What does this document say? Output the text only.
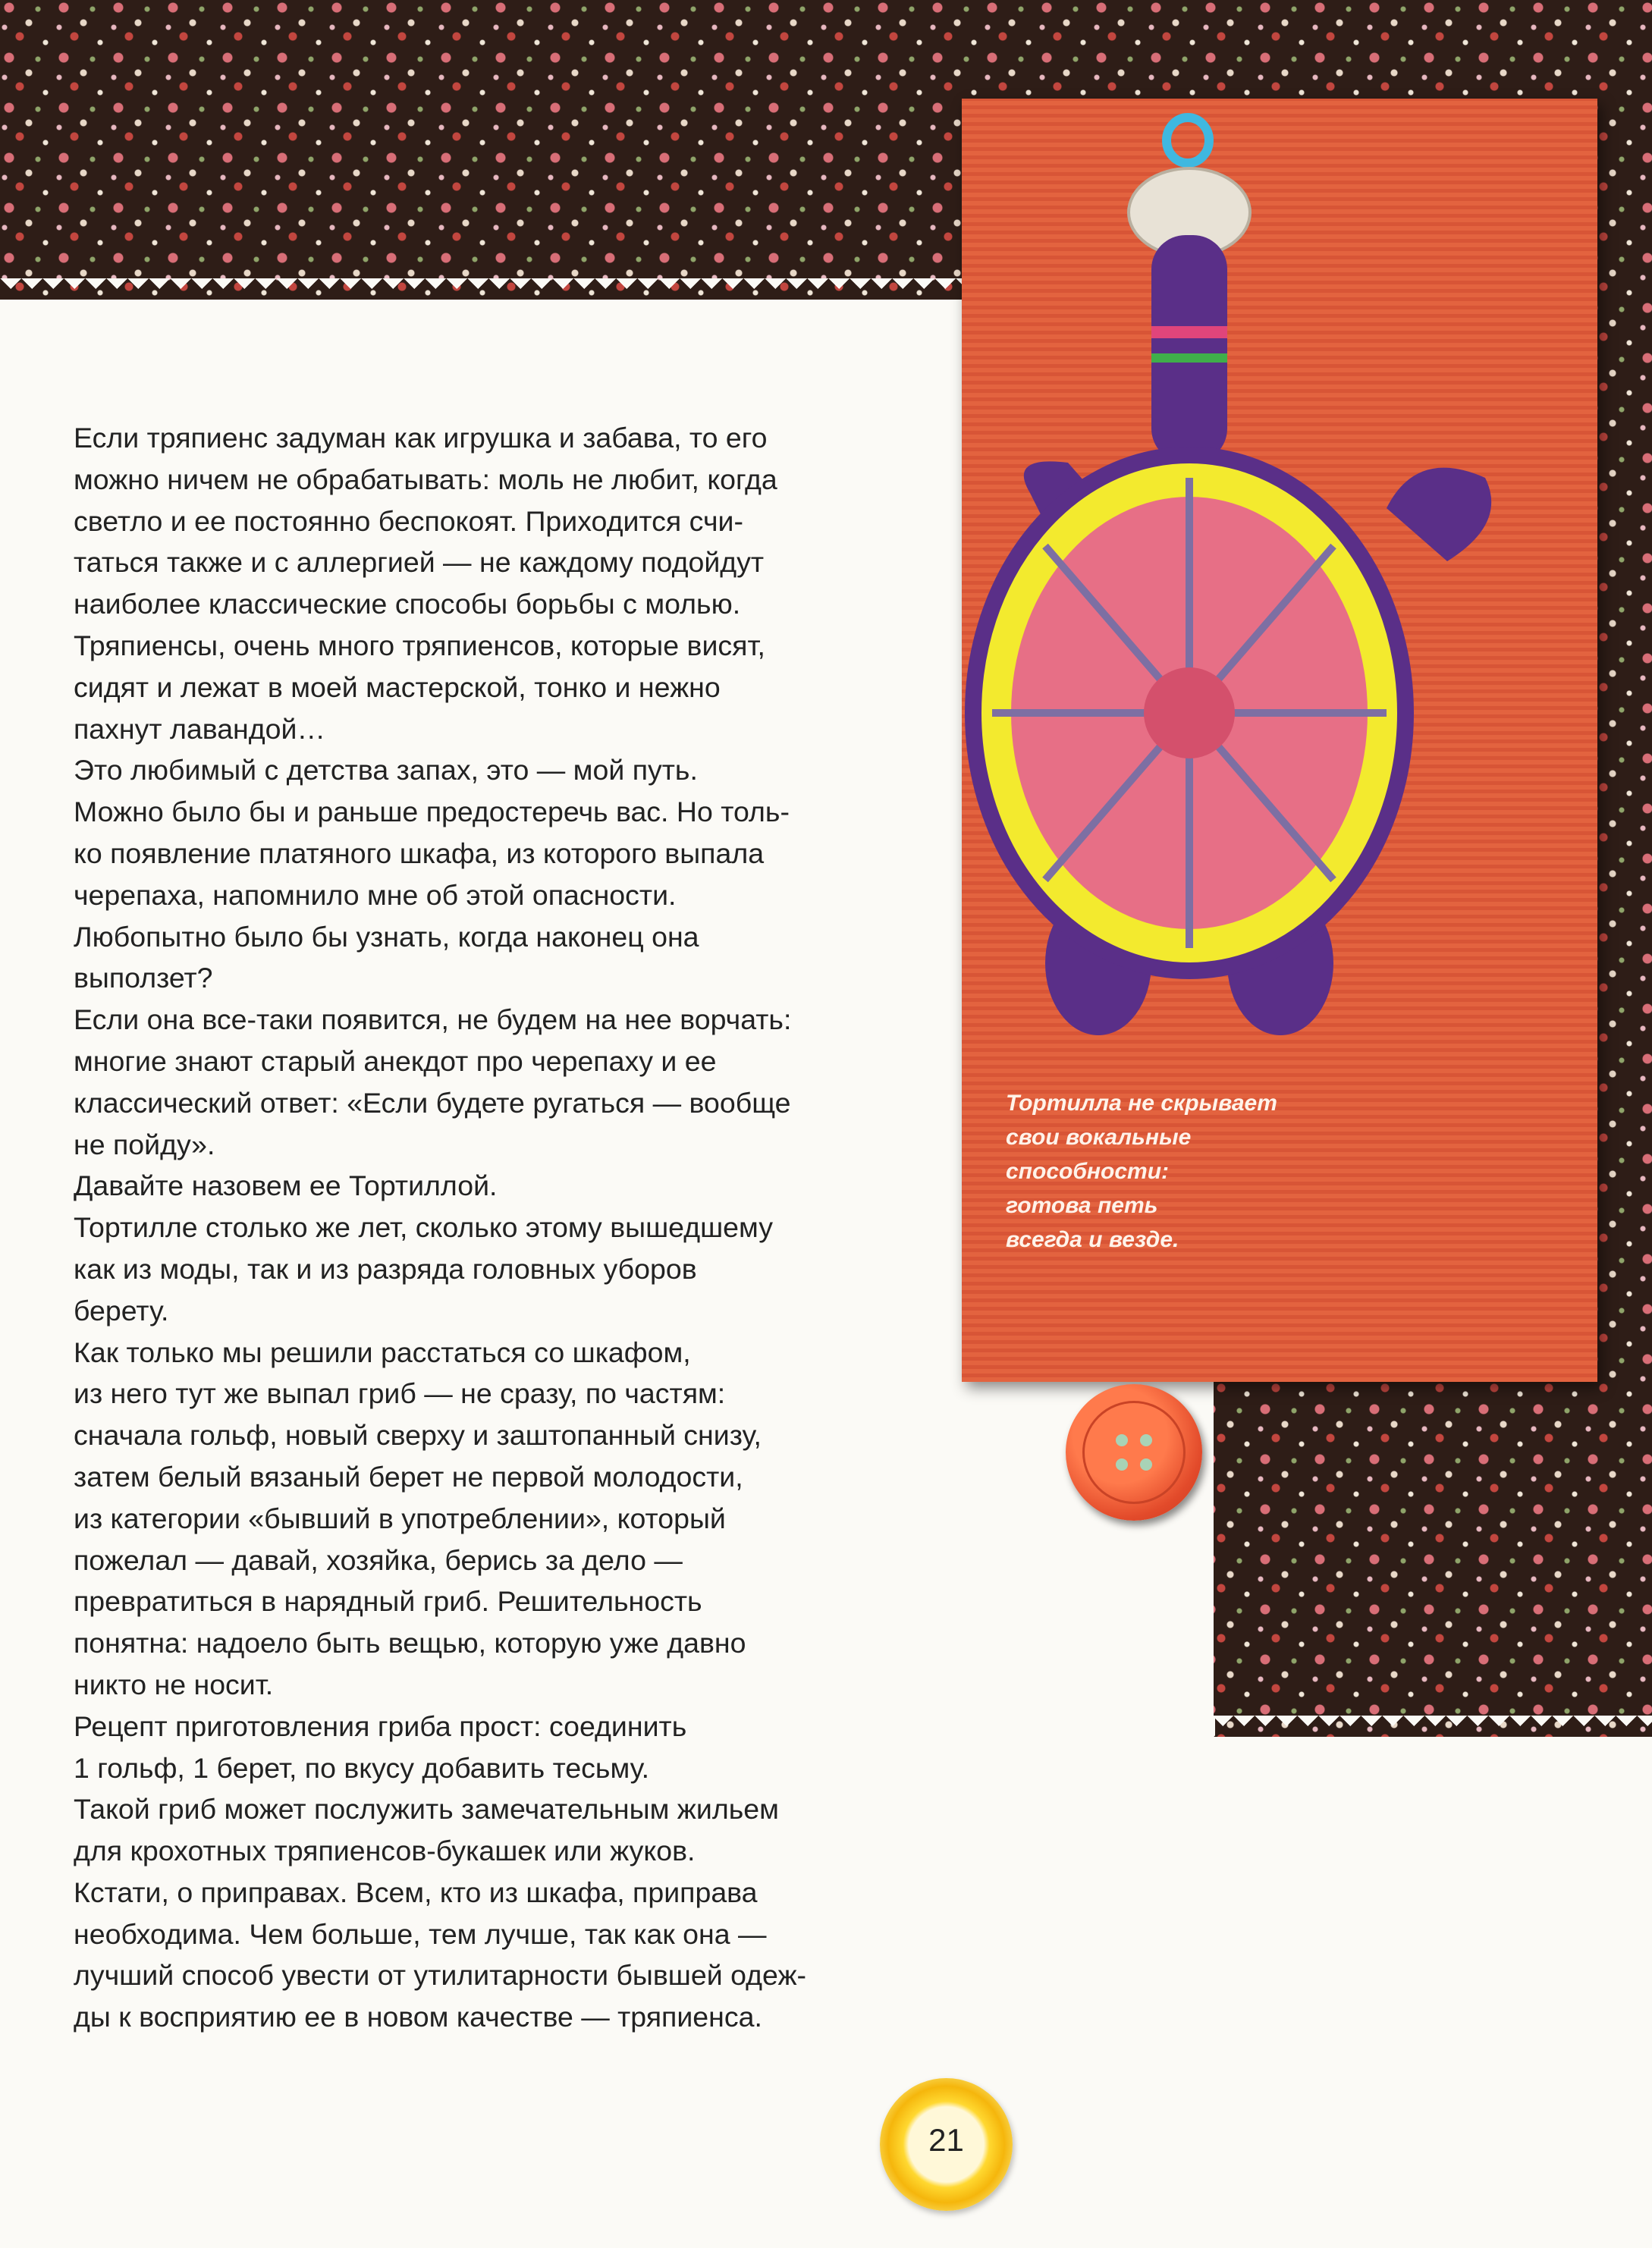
Тортилла не скрывает
свои вокальные
способности:
готова петь
всегда и везде.
Если тряпиенс задуман как игрушка и забава, то его
можно ничем не обрабатывать: моль не любит, когда
светло и ее постоянно беспокоят. Приходится счи-
таться также и с аллергией — не каждому подойдут
наиболее классические способы борьбы с молью.
Тряпиенсы, очень много тряпиенсов, которые висят,
сидят и лежат в моей мастерской, тонко и нежно
пахнут лавандой…
Это любимый с детства запах, это — мой путь.
Можно было бы и раньше предостеречь вас. Но толь-
ко появление платяного шкафа, из которого выпала
черепаха, напомнило мне об этой опасности.
Любопытно было бы узнать, когда наконец она
выползет?
Если она все-таки появится, не будем на нее ворчать:
многие знают старый анекдот про черепаху и ее
классический ответ: «Если будете ругаться — вообще
не пойду».
Давайте назовем ее Тортиллой.
Тортилле столько же лет, сколько этому вышедшему
как из моды, так и из разряда головных уборов
берету.
Как только мы решили расстаться со шкафом,
из него тут же выпал гриб — не сразу, по частям:
сначала гольф, новый сверху и заштопанный снизу,
затем белый вязаный берет не первой молодости,
из категории «бывший в употреблении», который
пожелал — давай, хозяйка, берись за дело —
превратиться в нарядный гриб. Решительность
понятна: надоело быть вещью, которую уже давно
никто не носит.
Рецепт приготовления гриба прост: соединить
1 гольф, 1 берет, по вкусу добавить тесьму.
Такой гриб может послужить замечательным жильем
для крохотных тряпиенсов-букашек или жуков.
Кстати, о приправах. Всем, кто из шкафа, приправа
необходима. Чем больше, тем лучше, так как она —
лучший способ увести от утилитарности бывшей одеж-
ды к восприятию ее в новом качестве — тряпиенса.
21
